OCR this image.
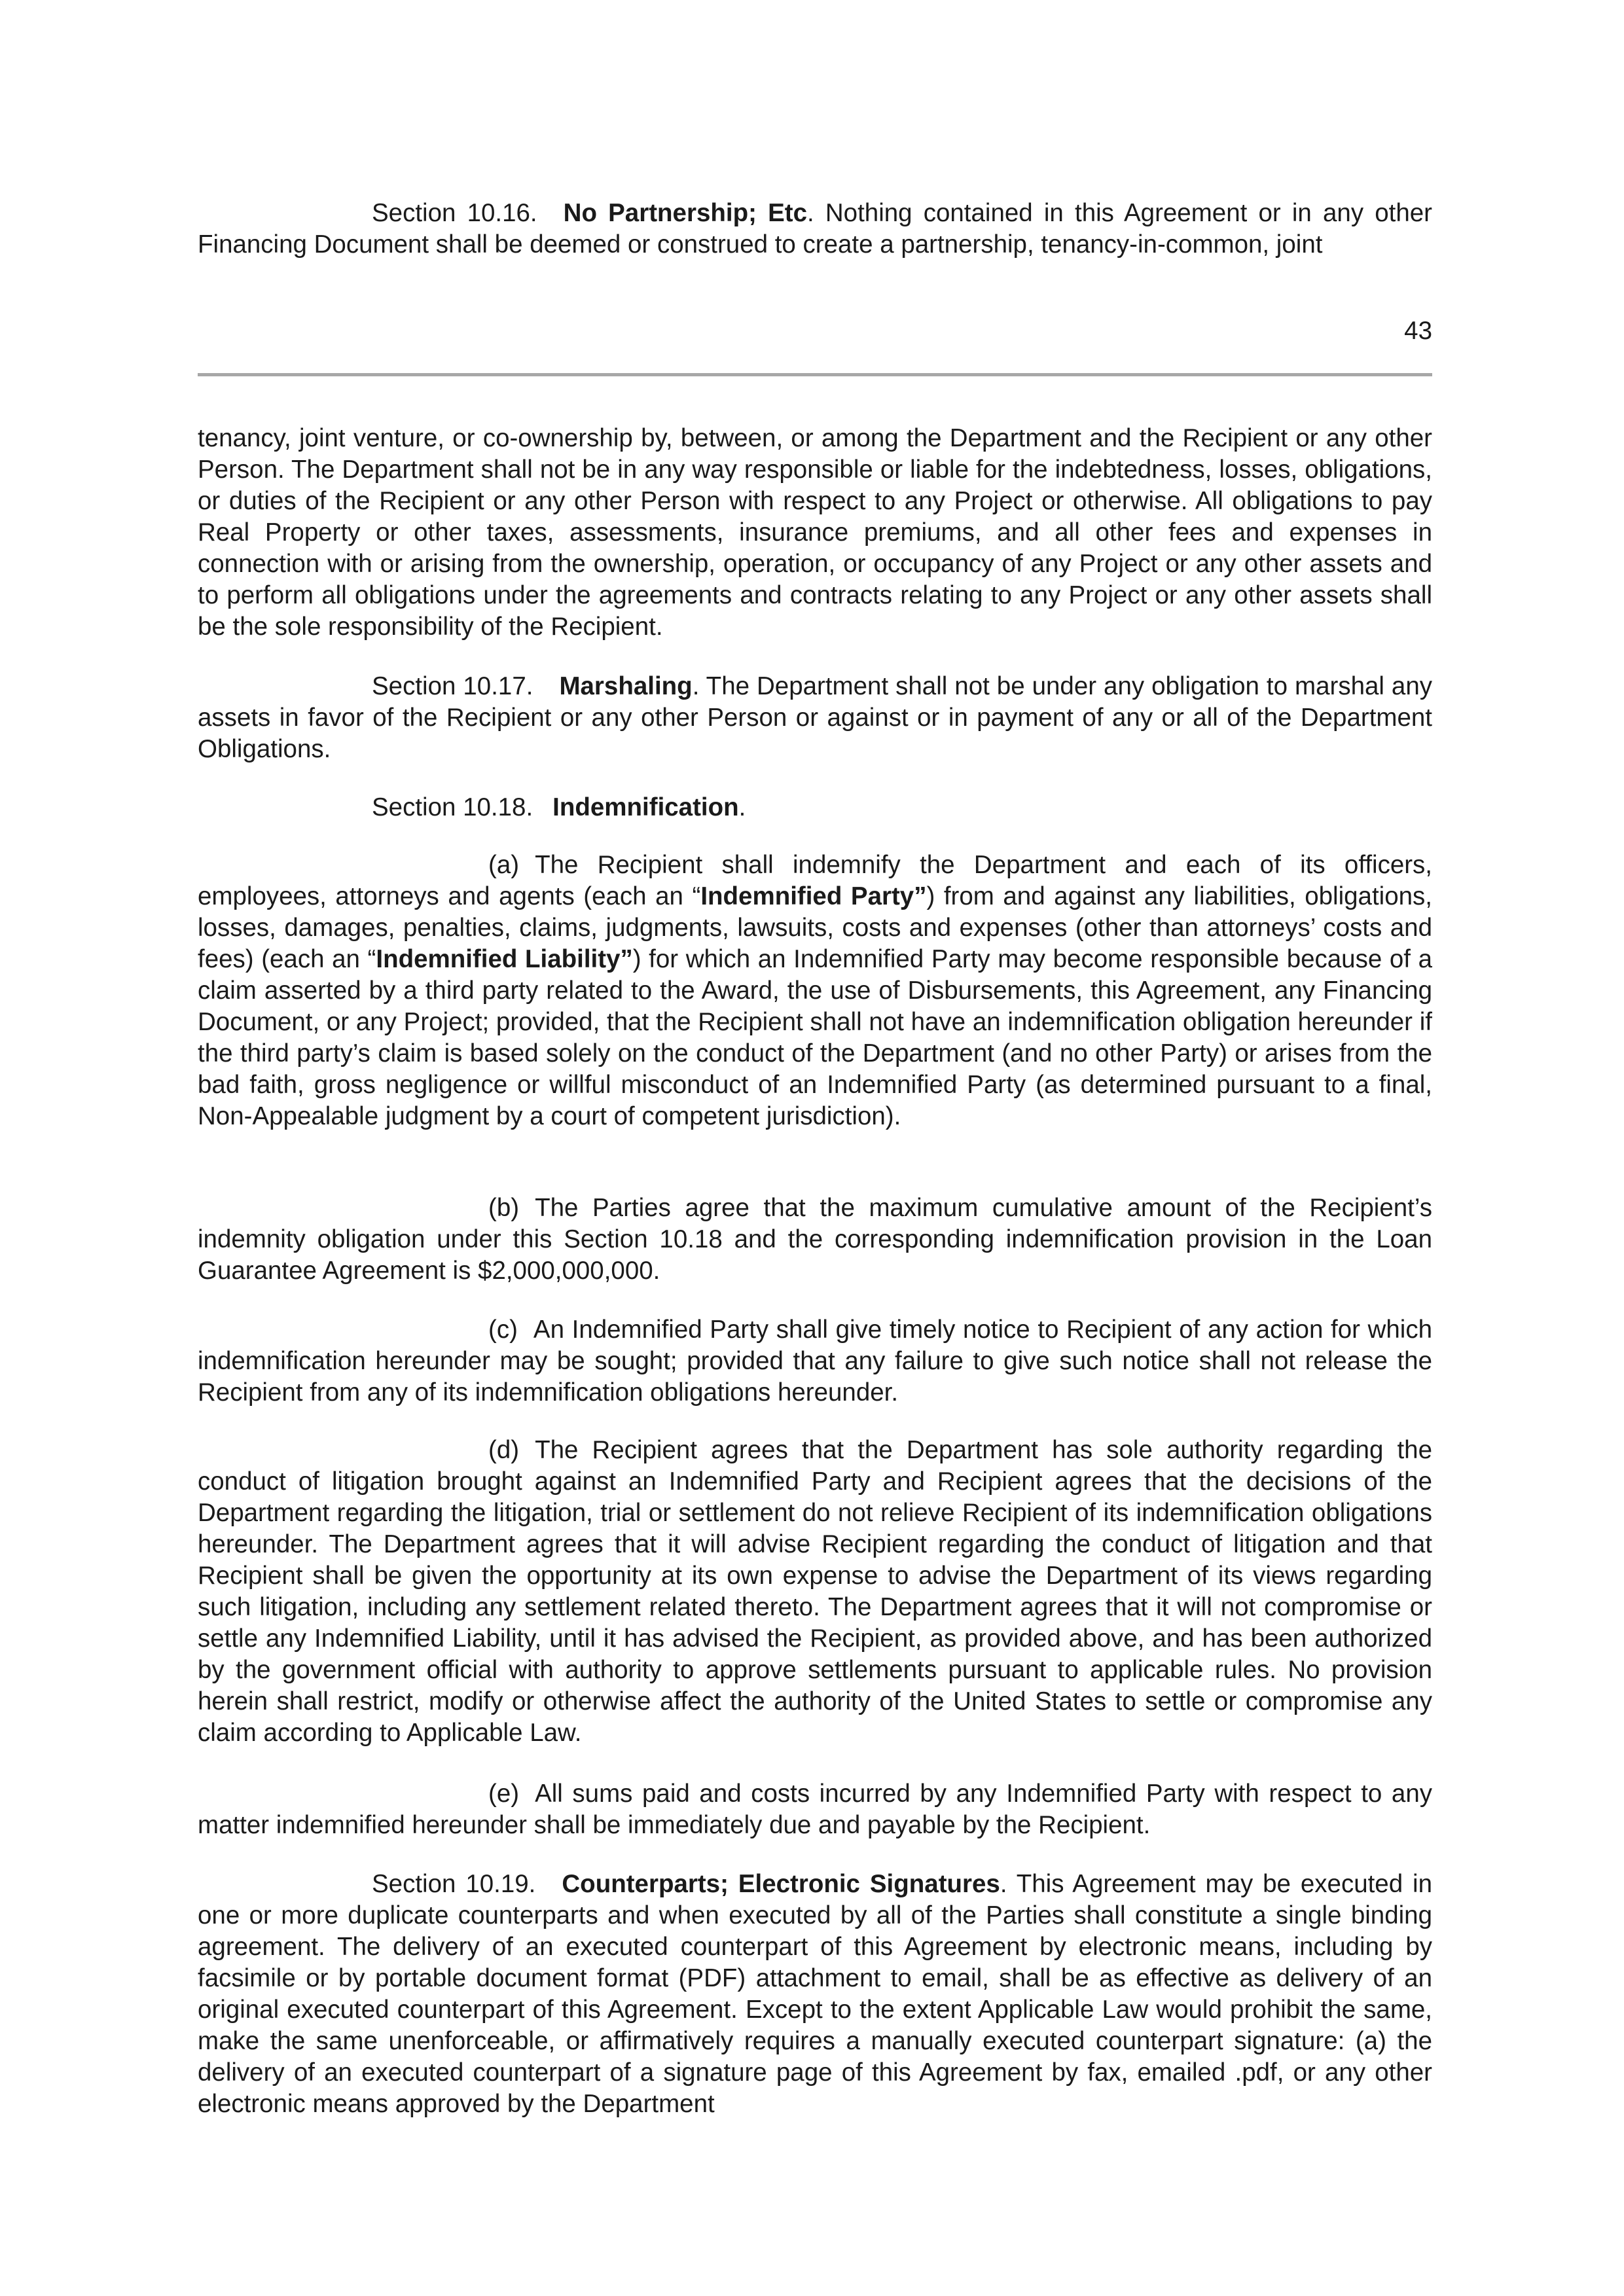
Section 10.16. No Partnership; Etc. Nothing contained in this Agreement or in any other Financing Document shall be deemed or construed to create a partnership, tenancy-in-common, joint

43

tenancy, joint venture, or co-ownership by, between, or among the Department and the Recipient or any other Person. The Department shall not be in any way responsible or liable for the indebtedness, losses, obligations, or duties of the Recipient or any other Person with respect to any Project or otherwise. All obligations to pay Real Property or other taxes, assessments, insurance premiums, and all other fees and expenses in connection with or arising from the ownership, operation, or occupancy of any Project or any other assets and to perform all obligations under the agreements and contracts relating to any Project or any other assets shall be the sole responsibility of the Recipient.

Section 10.17. Marshaling. The Department shall not be under any obligation to marshal any assets in favor of the Recipient or any other Person or against or in payment of any or all of the Department Obligations.

Section 10.18. Indemnification.

(a) The Recipient shall indemnify the Department and each of its officers, employees, attorneys and agents (each an “Indemnified Party”) from and against any liabilities, obligations, losses, damages, penalties, claims, judgments, lawsuits, costs and expenses (other than attorneys’ costs and fees) (each an “Indemnified Liability”) for which an Indemnified Party may become responsible because of a claim asserted by a third party related to the Award, the use of Disbursements, this Agreement, any Financing Document, or any Project; provided, that the Recipient shall not have an indemnification obligation hereunder if the third party’s claim is based solely on the conduct of the Department (and no other Party) or arises from the bad faith, gross negligence or willful misconduct of an Indemnified Party (as determined pursuant to a final, Non-Appealable judgment by a court of competent jurisdiction).

(b) The Parties agree that the maximum cumulative amount of the Recipient’s indemnity obligation under this Section 10.18 and the corresponding indemnification provision in the Loan Guarantee Agreement is $2,000,000,000.

(c) An Indemnified Party shall give timely notice to Recipient of any action for which indemnification hereunder may be sought; provided that any failure to give such notice shall not release the Recipient from any of its indemnification obligations hereunder.

(d) The Recipient agrees that the Department has sole authority regarding the conduct of litigation brought against an Indemnified Party and Recipient agrees that the decisions of the Department regarding the litigation, trial or settlement do not relieve Recipient of its indemnification obligations hereunder. The Department agrees that it will advise Recipient regarding the conduct of litigation and that Recipient shall be given the opportunity at its own expense to advise the Department of its views regarding such litigation, including any settlement related thereto. The Department agrees that it will not compromise or settle any Indemnified Liability, until it has advised the Recipient, as provided above, and has been authorized by the government official with authority to approve settlements pursuant to applicable rules. No provision herein shall restrict, modify or otherwise affect the authority of the United States to settle or compromise any claim according to Applicable Law.

(e) All sums paid and costs incurred by any Indemnified Party with respect to any matter indemnified hereunder shall be immediately due and payable by the Recipient.

Section 10.19. Counterparts; Electronic Signatures. This Agreement may be executed in one or more duplicate counterparts and when executed by all of the Parties shall constitute a single binding agreement. The delivery of an executed counterpart of this Agreement by electronic means, including by facsimile or by portable document format (PDF) attachment to email, shall be as effective as delivery of an original executed counterpart of this Agreement. Except to the extent Applicable Law would prohibit the same, make the same unenforceable, or affirmatively requires a manually executed counterpart signature: (a) the delivery of an executed counterpart of a signature page of this Agreement by fax, emailed .pdf, or any other electronic means approved by the Department
